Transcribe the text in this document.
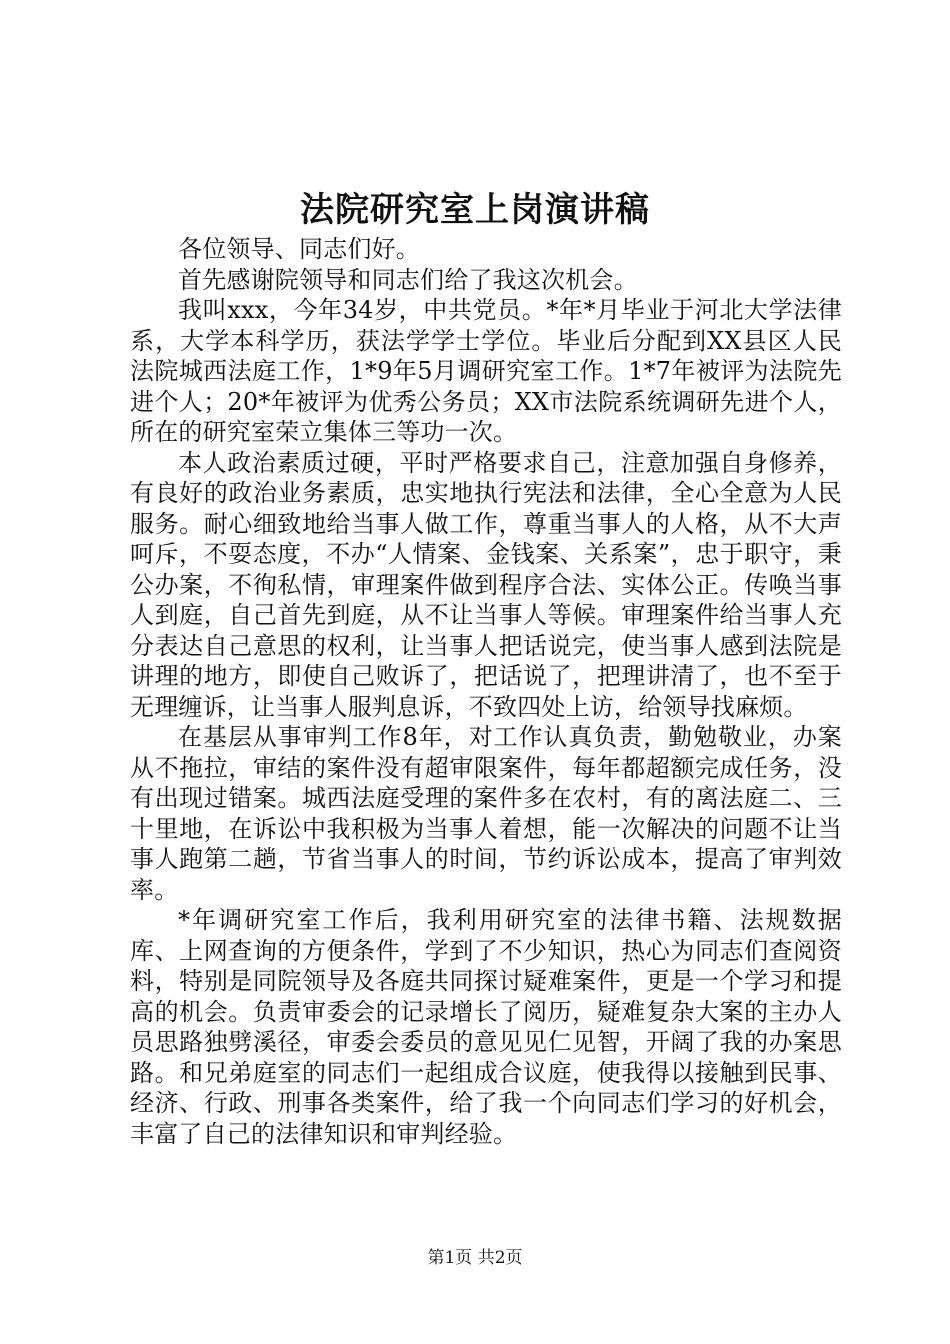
法院研究室上岗演讲稿

各位领导、同志们好。

首先感谢院领导和同志们给了我这次机会。

我叫xxx，今年34岁，中共党员。*年*月毕业于河北大学法律系，大学本科学历，获法学学士学位。毕业后分配到XX县区人民法院城西法庭工作，1*9年5月调研究室工作。1*7年被评为法院先进个人；20*年被评为优秀公务员；XX市法院系统调研先进个人，所在的研究室荣立集体三等功一次。

本人政治素质过硬，平时严格要求自己，注意加强自身修养，有良好的政治业务素质，忠实地执行宪法和法律，全心全意为人民服务。耐心细致地给当事人做工作，尊重当事人的人格，从不大声呵斥，不耍态度，不办“人情案、金钱案、关系案”，忠于职守，秉公办案，不徇私情，审理案件做到程序合法、实体公正。传唤当事人到庭，自己首先到庭，从不让当事人等候。审理案件给当事人充分表达自己意思的权利，让当事人把话说完，使当事人感到法院是讲理的地方，即使自己败诉了，把话说了，把理讲清了，也不至于无理缠诉，让当事人服判息诉，不致四处上访，给领导找麻烦。

在基层从事审判工作8年，对工作认真负责，勤勉敬业，办案从不拖拉，审结的案件没有超审限案件，每年都超额完成任务，没有出现过错案。城西法庭受理的案件多在农村，有的离法庭二、三十里地，在诉讼中我积极为当事人着想，能一次解决的问题不让当事人跑第二趟，节省当事人的时间，节约诉讼成本，提高了审判效率。

*年调研究室工作后，我利用研究室的法律书籍、法规数据库、上网查询的方便条件，学到了不少知识，热心为同志们查阅资料，特别是同院领导及各庭共同探讨疑难案件，更是一个学习和提高的机会。负责审委会的记录增长了阅历，疑难复杂大案的主办人员思路独劈溪径，审委会委员的意见见仁见智，开阔了我的办案思路。和兄弟庭室的同志们一起组成合议庭，使我得以接触到民事、经济、行政、刑事各类案件，给了我一个向同志们学习的好机会，丰富了自己的法律知识和审判经验。

第1页 共2页
